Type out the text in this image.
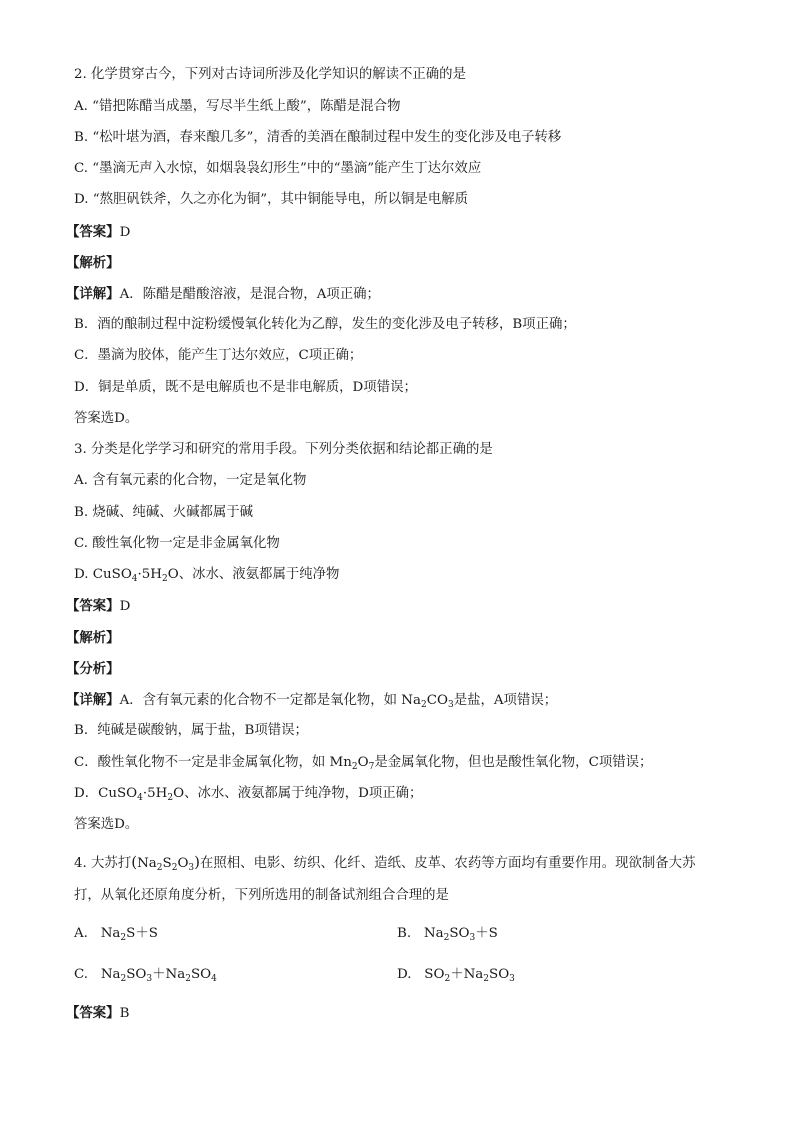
2. 化学贯穿古今，下列对古诗词所涉及化学知识的解读不正确的是
A. “错把陈醋当成墨，写尽半生纸上酸”，陈醋是混合物
B. “松叶堪为酒，春来酿几多”，清香的美酒在酿制过程中发生的变化涉及电子转移
C. “墨滴无声入水惊，如烟袅袅幻形生”中的“墨滴”能产生丁达尔效应
D. “熬胆矾铁斧，久之亦化为铜”，其中铜能导电，所以铜是电解质
【答案】D
【解析】
【详解】A．陈醋是醋酸溶液，是混合物，A项正确；
B．酒的酿制过程中淀粉缓慢氧化转化为乙醇，发生的变化涉及电子转移，B项正确；
C．墨滴为胶体，能产生丁达尔效应，C项正确；
D．铜是单质，既不是电解质也不是非电解质，D项错误；
答案选D。
3. 分类是化学学习和研究的常用手段。下列分类依据和结论都正确的是
A. 含有氧元素的化合物，一定是氧化物
B. 烧碱、纯碱、火碱都属于碱
C. 酸性氧化物一定是非金属氧化物
D. $CuSO_4\cdot 5H_2O$、冰水、液氨都属于纯净物
【答案】D
【解析】
【分析】
【详解】A．含有氧元素的化合物不一定都是氧化物，如 $Na_2CO_3$是盐，A项错误；
B．纯碱是碳酸钠，属于盐，B项错误；
C．酸性氧化物不一定是非金属氧化物，如 $Mn_2O_7$是金属氧化物，但也是酸性氧化物，C项错误；
D．$CuSO_4\cdot 5H_2O$、冰水、液氨都属于纯净物，D项正确；
答案选D。
4. 大苏打$(Na_2S_2O_3)$在照相、电影、纺织、化纤、造纸、皮革、农药等方面均有重要作用。现欲制备大苏
打，从氧化还原角度分析，下列所选用的制备试剂组合合理的是
A. $Na_2S+S$	B. $Na_2SO_3+S$
C. $Na_2SO_3+Na_2SO_4$	D. $SO_2+Na_2SO_3$
【答案】B
